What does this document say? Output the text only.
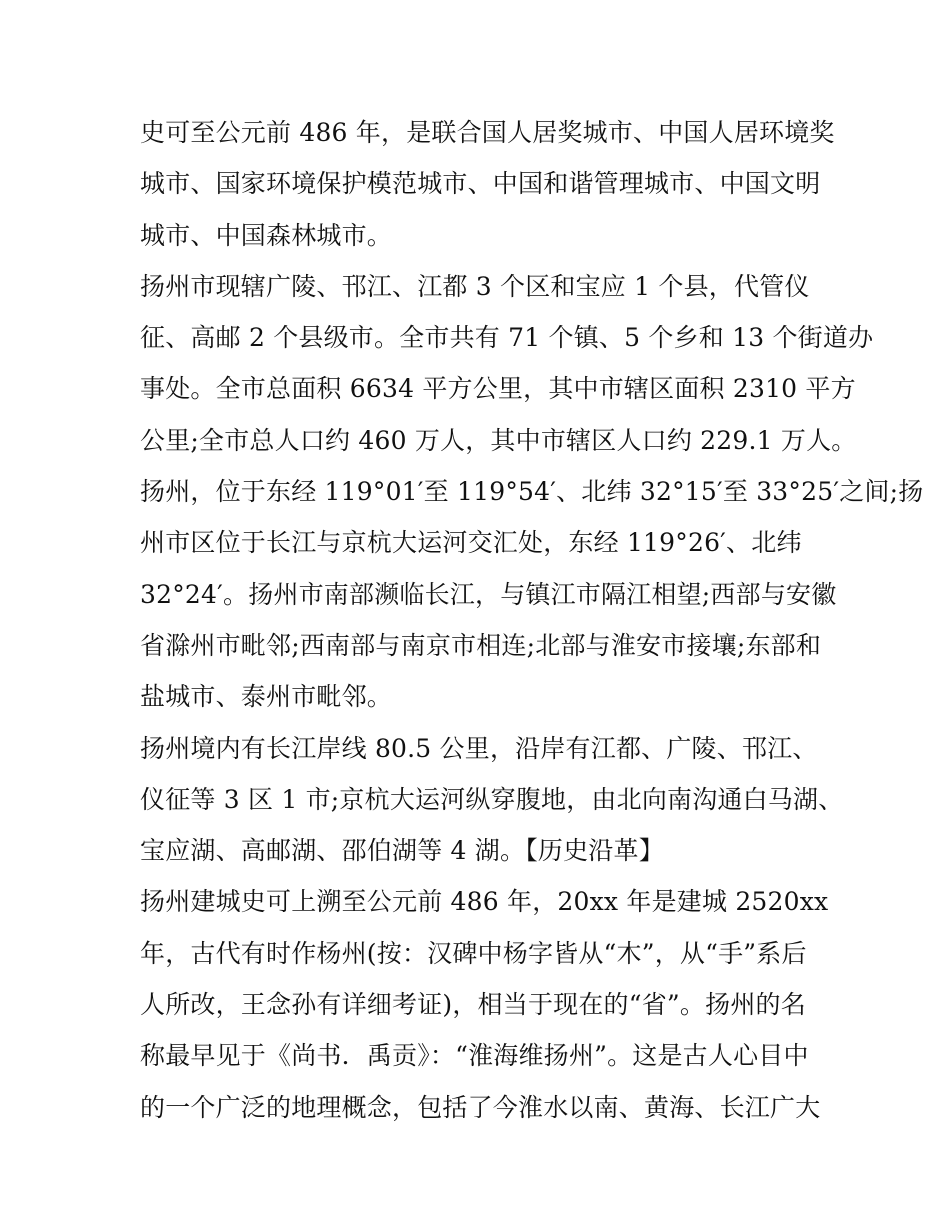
史可至公元前 486 年，是联合国人居奖城市、中国人居环境奖
城市、国家环境保护模范城市、中国和谐管理城市、中国文明
城市、中国森林城市。
扬州市现辖广陵、邗江、江都 3 个区和宝应 1 个县，代管仪
征、高邮 2 个县级市。全市共有 71 个镇、5 个乡和 13 个街道办
事处。全市总面积 6634 平方公里，其中市辖区面积 2310 平方
公里;全市总人口约 460 万人，其中市辖区人口约 229.1 万人。
扬州，位于东经 119°01′至 119°54′、北纬 32°15′至 33°25′之间;扬
州市区位于长江与京杭大运河交汇处，东经 119°26′、北纬
32°24′。扬州市南部濒临长江，与镇江市隔江相望;西部与安徽
省滁州市毗邻;西南部与南京市相连;北部与淮安市接壤;东部和
盐城市、泰州市毗邻。
扬州境内有长江岸线 80.5 公里，沿岸有江都、广陵、邗江、
仪征等 3 区 1 市;京杭大运河纵穿腹地，由北向南沟通白马湖、
宝应湖、高邮湖、邵伯湖等 4 湖。【历史沿革】
扬州建城史可上溯至公元前 486 年，20xx 年是建城 2520xx
年，古代有时作杨州(按：汉碑中杨字皆从“木”，从“手”系后
人所改，王念孙有详细考证)，相当于现在的“省”。扬州的名
称最早见于《尚书．禹贡》：“淮海维扬州”。这是古人心目中
的一个广泛的地理概念，包括了今淮水以南、黄海、长江广大
